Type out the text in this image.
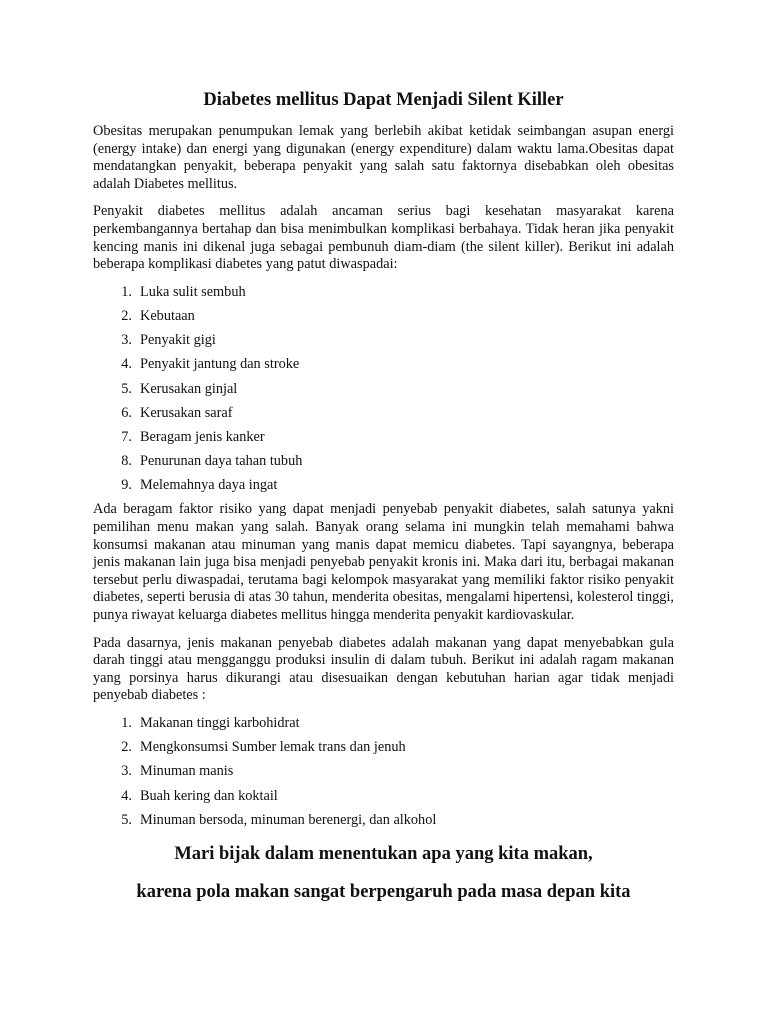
Diabetes mellitus Dapat Menjadi Silent Killer

Obesitas merupakan penumpukan lemak yang berlebih akibat ketidak seimbangan asupan energi (energy intake) dan energi yang digunakan (energy expenditure) dalam waktu lama.Obesitas dapat mendatangkan penyakit, beberapa penyakit yang salah satu faktornya disebabkan oleh obesitas adalah Diabetes mellitus.

Penyakit diabetes mellitus adalah ancaman serius bagi kesehatan masyarakat karena perkembangannya bertahap dan bisa menimbulkan komplikasi berbahaya. Tidak heran jika penyakit kencing manis ini dikenal juga sebagai pembunuh diam-diam (the silent killer). Berikut ini adalah beberapa komplikasi diabetes yang patut diwaspadai:

1. Luka sulit sembuh
2. Kebutaan
3. Penyakit gigi
4. Penyakit jantung dan stroke
5. Kerusakan ginjal
6. Kerusakan saraf
7. Beragam jenis kanker
8. Penurunan daya tahan tubuh
9. Melemahnya daya ingat

Ada beragam faktor risiko yang dapat menjadi penyebab penyakit diabetes, salah satunya yakni pemilihan menu makan yang salah. Banyak orang selama ini mungkin telah memahami bahwa konsumsi makanan atau minuman yang manis dapat memicu diabetes. Tapi sayangnya, beberapa jenis makanan lain juga bisa menjadi penyebab penyakit kronis ini. Maka dari itu, berbagai makanan tersebut perlu diwaspadai, terutama bagi kelompok masyarakat yang memiliki faktor risiko penyakit diabetes, seperti berusia di atas 30 tahun, menderita obesitas, mengalami hipertensi, kolesterol tinggi, punya riwayat keluarga diabetes mellitus hingga menderita penyakit kardiovaskular.

Pada dasarnya, jenis makanan penyebab diabetes adalah makanan yang dapat menyebabkan gula darah tinggi atau mengganggu produksi insulin di dalam tubuh. Berikut ini adalah ragam makanan yang porsinya harus dikurangi atau disesuaikan dengan kebutuhan harian agar tidak menjadi penyebab diabetes :

1. Makanan tinggi karbohidrat
2. Mengkonsumsi Sumber lemak trans dan jenuh
3. Minuman manis
4. Buah kering dan koktail
5. Minuman bersoda, minuman berenergi, dan alkohol

Mari bijak dalam menentukan apa yang kita makan,

karena pola makan sangat berpengaruh pada masa depan kita
